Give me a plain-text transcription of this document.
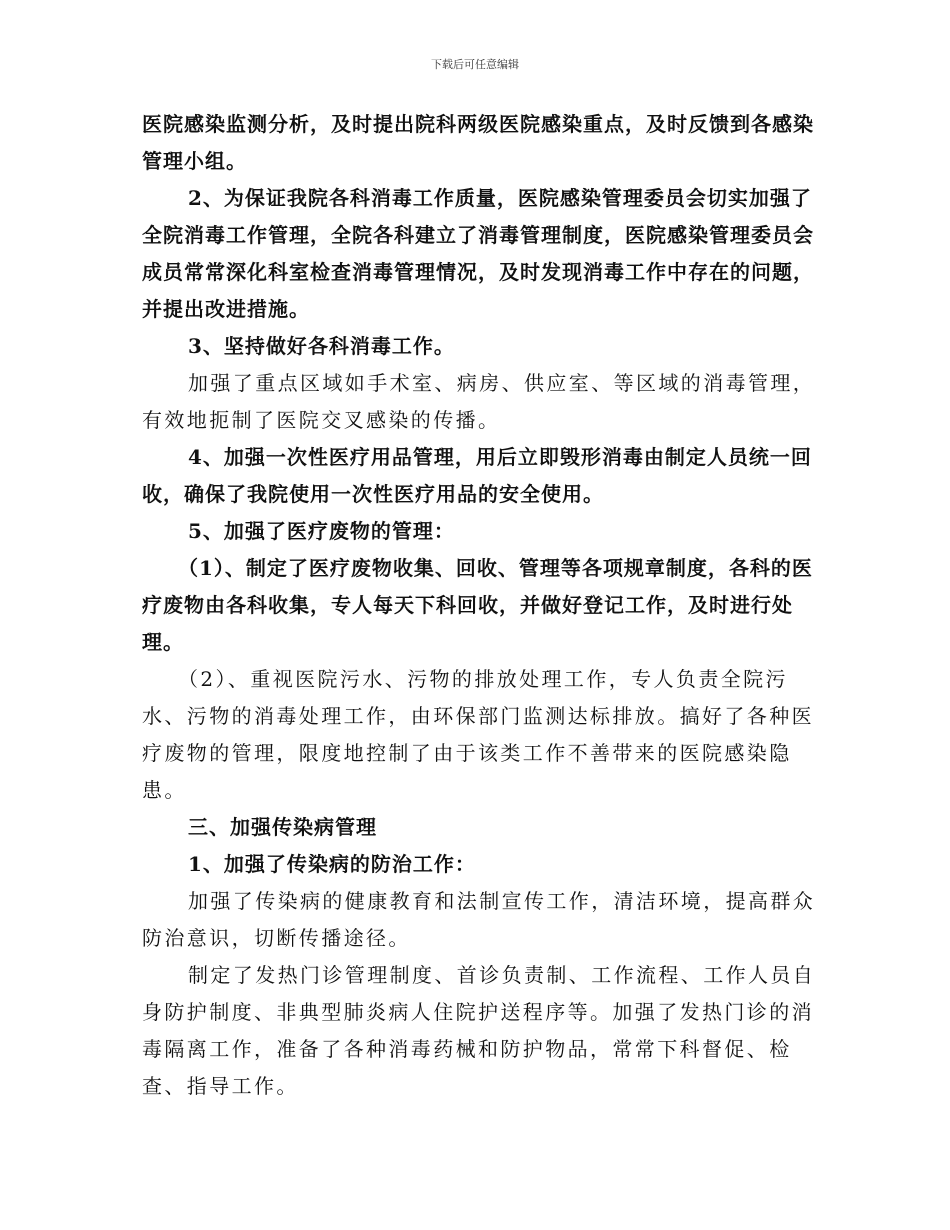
下载后可任意编辑

医院感染监测分析，及时提出院科两级医院感染重点，及时反馈到各感染管理小组。

2、为保证我院各科消毒工作质量，医院感染管理委员会切实加强了全院消毒工作管理，全院各科建立了消毒管理制度，医院感染管理委员会成员常常深化科室检查消毒管理情况，及时发现消毒工作中存在的问题，并提出改进措施。

3、坚持做好各科消毒工作。

加强了重点区域如手术室、病房、供应室、等区域的消毒管理，有效地扼制了医院交叉感染的传播。

4、加强一次性医疗用品管理，用后立即毁形消毒由制定人员统一回收，确保了我院使用一次性医疗用品的安全使用。

5、加强了医疗废物的管理：

（1）、制定了医疗废物收集、回收、管理等各项规章制度，各科的医疗废物由各科收集，专人每天下科回收，并做好登记工作，及时进行处理。

（2）、重视医院污水、污物的排放处理工作，专人负责全院污水、污物的消毒处理工作，由环保部门监测达标排放。搞好了各种医疗废物的管理，限度地控制了由于该类工作不善带来的医院感染隐患。

三、加强传染病管理

1、加强了传染病的防治工作：

加强了传染病的健康教育和法制宣传工作，清洁环境，提高群众防治意识，切断传播途径。

制定了发热门诊管理制度、首诊负责制、工作流程、工作人员自身防护制度、非典型肺炎病人住院护送程序等。加强了发热门诊的消毒隔离工作，准备了各种消毒药械和防护物品，常常下科督促、检查、指导工作。
